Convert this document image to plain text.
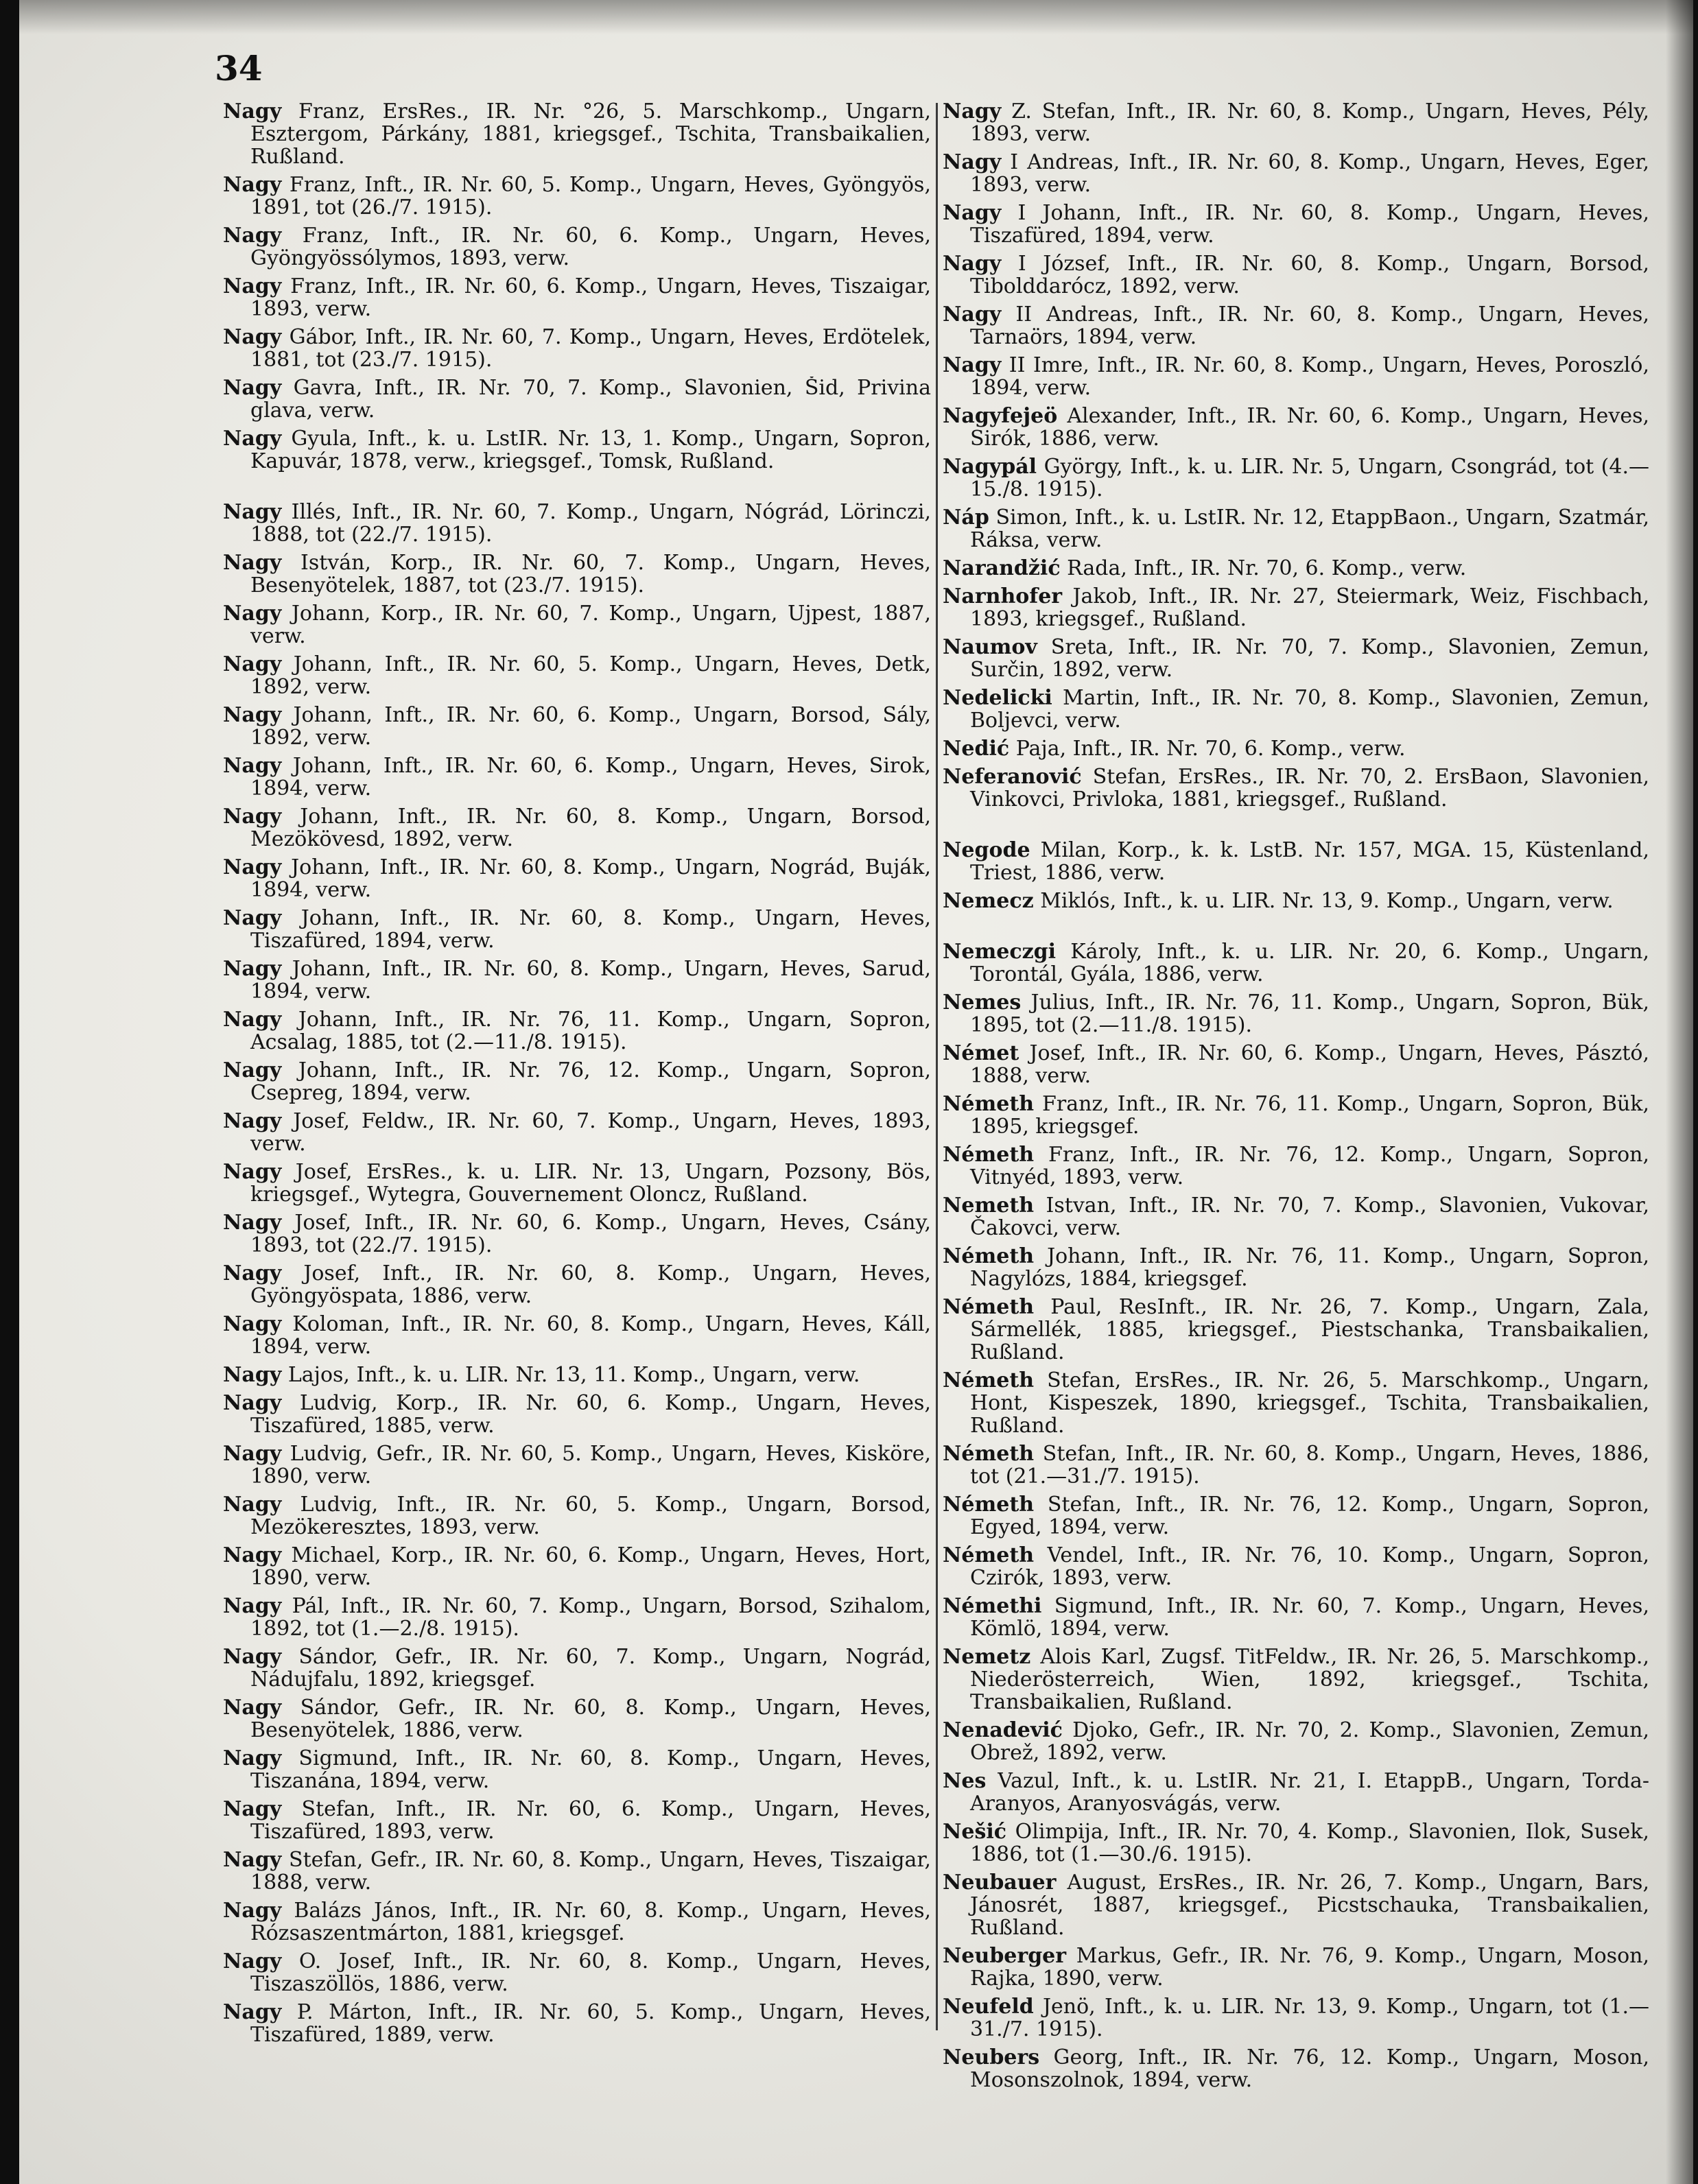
34
Nagy Franz, ErsRes., IR. Nr. °26, 5. Marschkomp., Ungarn, Esztergom, Párkány, 1881, kriegsgef., Tschita, Transbaikalien, Rußland.
Nagy Franz, Inft., IR. Nr. 60, 5. Komp., Ungarn, Heves, Gyöngyös, 1891, tot (26./7. 1915).
Nagy Franz, Inft., IR. Nr. 60, 6. Komp., Ungarn, Heves, Gyöngyössólymos, 1893, verw.
Nagy Franz, Inft., IR. Nr. 60, 6. Komp., Ungarn, Heves, Tiszaigar, 1893, verw.
Nagy Gábor, Inft., IR. Nr. 60, 7. Komp., Ungarn, Heves, Erdötelek, 1881, tot (23./7. 1915).
Nagy Gavra, Inft., IR. Nr. 70, 7. Komp., Slavonien, Šid, Privina glava, verw.
Nagy Gyula, Inft., k. u. LstIR. Nr. 13, 1. Komp., Ungarn, Sopron, Kapuvár, 1878, verw., kriegsgef., Tomsk, Rußland.
Nagy Illés, Inft., IR. Nr. 60, 7. Komp., Ungarn, Nógrád, Lörinczi, 1888, tot (22./7. 1915).
Nagy István, Korp., IR. Nr. 60, 7. Komp., Ungarn, Heves, Besenyötelek, 1887, tot (23./7. 1915).
Nagy Johann, Korp., IR. Nr. 60, 7. Komp., Ungarn, Ujpest, 1887, verw.
Nagy Johann, Inft., IR. Nr. 60, 5. Komp., Ungarn, Heves, Detk, 1892, verw.
Nagy Johann, Inft., IR. Nr. 60, 6. Komp., Ungarn, Borsod, Sály, 1892, verw.
Nagy Johann, Inft., IR. Nr. 60, 6. Komp., Ungarn, Heves, Sirok, 1894, verw.
Nagy Johann, Inft., IR. Nr. 60, 8. Komp., Ungarn, Borsod, Mezökövesd, 1892, verw.
Nagy Johann, Inft., IR. Nr. 60, 8. Komp., Ungarn, Nográd, Buják, 1894, verw.
Nagy Johann, Inft., IR. Nr. 60, 8. Komp., Ungarn, Heves, Tiszafüred, 1894, verw.
Nagy Johann, Inft., IR. Nr. 60, 8. Komp., Ungarn, Heves, Sarud, 1894, verw.
Nagy Johann, Inft., IR. Nr. 76, 11. Komp., Ungarn, Sopron, Acsalag, 1885, tot (2.—11./8. 1915).
Nagy Johann, Inft., IR. Nr. 76, 12. Komp., Ungarn, Sopron, Csepreg, 1894, verw.
Nagy Josef, Feldw., IR. Nr. 60, 7. Komp., Ungarn, Heves, 1893, verw.
Nagy Josef, ErsRes., k. u. LIR. Nr. 13, Ungarn, Pozsony, Bös, kriegsgef., Wytegra, Gouvernement Oloncz, Rußland.
Nagy Josef, Inft., IR. Nr. 60, 6. Komp., Ungarn, Heves, Csány, 1893, tot (22./7. 1915).
Nagy Josef, Inft., IR. Nr. 60, 8. Komp., Ungarn, Heves, Gyöngyöspata, 1886, verw.
Nagy Koloman, Inft., IR. Nr. 60, 8. Komp., Ungarn, Heves, Káll, 1894, verw.
Nagy Lajos, Inft., k. u. LIR. Nr. 13, 11. Komp., Ungarn, verw.
Nagy Ludvig, Korp., IR. Nr. 60, 6. Komp., Ungarn, Heves, Tiszafüred, 1885, verw.
Nagy Ludvig, Gefr., IR. Nr. 60, 5. Komp., Ungarn, Heves, Kisköre, 1890, verw.
Nagy Ludvig, Inft., IR. Nr. 60, 5. Komp., Ungarn, Borsod, Mezökeresztes, 1893, verw.
Nagy Michael, Korp., IR. Nr. 60, 6. Komp., Ungarn, Heves, Hort, 1890, verw.
Nagy Pál, Inft., IR. Nr. 60, 7. Komp., Ungarn, Borsod, Szihalom, 1892, tot (1.—2./8. 1915).
Nagy Sándor, Gefr., IR. Nr. 60, 7. Komp., Ungarn, Nográd, Nádujfalu, 1892, kriegsgef.
Nagy Sándor, Gefr., IR. Nr. 60, 8. Komp., Ungarn, Heves, Besenyötelek, 1886, verw.
Nagy Sigmund, Inft., IR. Nr. 60, 8. Komp., Ungarn, Heves, Tiszanána, 1894, verw.
Nagy Stefan, Inft., IR. Nr. 60, 6. Komp., Ungarn, Heves, Tiszafüred, 1893, verw.
Nagy Stefan, Gefr., IR. Nr. 60, 8. Komp., Ungarn, Heves, Tiszaigar, 1888, verw.
Nagy Balázs János, Inft., IR. Nr. 60, 8. Komp., Ungarn, Heves, Rózsaszentmárton, 1881, kriegsgef.
Nagy O. Josef, Inft., IR. Nr. 60, 8. Komp., Ungarn, Heves, Tiszaszöllös, 1886, verw.
Nagy P. Márton, Inft., IR. Nr. 60, 5. Komp., Ungarn, Heves, Tiszafüred, 1889, verw.
Nagy Z. Stefan, Inft., IR. Nr. 60, 8. Komp., Ungarn, Heves, Pély, 1893, verw.
Nagy I Andreas, Inft., IR. Nr. 60, 8. Komp., Ungarn, Heves, Eger, 1893, verw.
Nagy I Johann, Inft., IR. Nr. 60, 8. Komp., Ungarn, Heves, Tiszafüred, 1894, verw.
Nagy I József, Inft., IR. Nr. 60, 8. Komp., Ungarn, Borsod, Tibolddarócz, 1892, verw.
Nagy II Andreas, Inft., IR. Nr. 60, 8. Komp., Ungarn, Heves, Tarnaörs, 1894, verw.
Nagy II Imre, Inft., IR. Nr. 60, 8. Komp., Ungarn, Heves, Poroszló, 1894, verw.
Nagyfejeö Alexander, Inft., IR. Nr. 60, 6. Komp., Ungarn, Heves, Sirók, 1886, verw.
Nagypál György, Inft., k. u. LIR. Nr. 5, Ungarn, Csongrád, tot (4.—15./8. 1915).
Náp Simon, Inft., k. u. LstIR. Nr. 12, EtappBaon., Ungarn, Szatmár, Ráksa, verw.
Narandžić Rada, Inft., IR. Nr. 70, 6. Komp., verw.
Narnhofer Jakob, Inft., IR. Nr. 27, Steiermark, Weiz, Fischbach, 1893, kriegsgef., Rußland.
Naumov Sreta, Inft., IR. Nr. 70, 7. Komp., Slavonien, Zemun, Surčin, 1892, verw.
Nedelicki Martin, Inft., IR. Nr. 70, 8. Komp., Slavonien, Zemun, Boljevci, verw.
Nedić Paja, Inft., IR. Nr. 70, 6. Komp., verw.
Neferanović Stefan, ErsRes., IR. Nr. 70, 2. ErsBaon, Slavonien, Vinkovci, Privloka, 1881, kriegsgef., Rußland.
Negode Milan, Korp., k. k. LstB. Nr. 157, MGA. 15, Küstenland, Triest, 1886, verw.
Nemecz Miklós, Inft., k. u. LIR. Nr. 13, 9. Komp., Ungarn, verw.
Nemeczgi Károly, Inft., k. u. LIR. Nr. 20, 6. Komp., Ungarn, Torontál, Gyála, 1886, verw.
Nemes Julius, Inft., IR. Nr. 76, 11. Komp., Ungarn, Sopron, Bük, 1895, tot (2.—11./8. 1915).
Német Josef, Inft., IR. Nr. 60, 6. Komp., Ungarn, Heves, Pásztó, 1888, verw.
Németh Franz, Inft., IR. Nr. 76, 11. Komp., Ungarn, Sopron, Bük, 1895, kriegsgef.
Németh Franz, Inft., IR. Nr. 76, 12. Komp., Ungarn, Sopron, Vitnyéd, 1893, verw.
Nemeth Istvan, Inft., IR. Nr. 70, 7. Komp., Slavonien, Vukovar, Čakovci, verw.
Németh Johann, Inft., IR. Nr. 76, 11. Komp., Ungarn, Sopron, Nagylózs, 1884, kriegsgef.
Németh Paul, ResInft., IR. Nr. 26, 7. Komp., Ungarn, Zala, Sármellék, 1885, kriegsgef., Piestschanka, Transbaikalien, Rußland.
Németh Stefan, ErsRes., IR. Nr. 26, 5. Marschkomp., Ungarn, Hont, Kispeszek, 1890, kriegsgef., Tschita, Transbaikalien, Rußland.
Németh Stefan, Inft., IR. Nr. 60, 8. Komp., Ungarn, Heves, 1886, tot (21.—31./7. 1915).
Németh Stefan, Inft., IR. Nr. 76, 12. Komp., Ungarn, Sopron, Egyed, 1894, verw.
Németh Vendel, Inft., IR. Nr. 76, 10. Komp., Ungarn, Sopron, Czirók, 1893, verw.
Némethi Sigmund, Inft., IR. Nr. 60, 7. Komp., Ungarn, Heves, Kömlö, 1894, verw.
Nemetz Alois Karl, Zugsf. TitFeldw., IR. Nr. 26, 5. Marschkomp., Niederösterreich, Wien, 1892, kriegsgef., Tschita, Transbaikalien, Rußland.
Nenadević Djoko, Gefr., IR. Nr. 70, 2. Komp., Slavonien, Zemun, Obrež, 1892, verw.
Nes Vazul, Inft., k. u. LstIR. Nr. 21, I. EtappB., Ungarn, Torda-Aranyos, Aranyosvágás, verw.
Nešić Olimpija, Inft., IR. Nr. 70, 4. Komp., Slavonien, Ilok, Susek, 1886, tot (1.—30./6. 1915).
Neubauer August, ErsRes., IR. Nr. 26, 7. Komp., Ungarn, Bars, Jánosrét, 1887, kriegsgef., Picstschauka, Transbaikalien, Rußland.
Neuberger Markus, Gefr., IR. Nr. 76, 9. Komp., Ungarn, Moson, Rajka, 1890, verw.
Neufeld Jenö, Inft., k. u. LIR. Nr. 13, 9. Komp., Ungarn, tot (1.—31./7. 1915).
Neubers Georg, Inft., IR. Nr. 76, 12. Komp., Ungarn, Moson, Mosonszolnok, 1894, verw.
